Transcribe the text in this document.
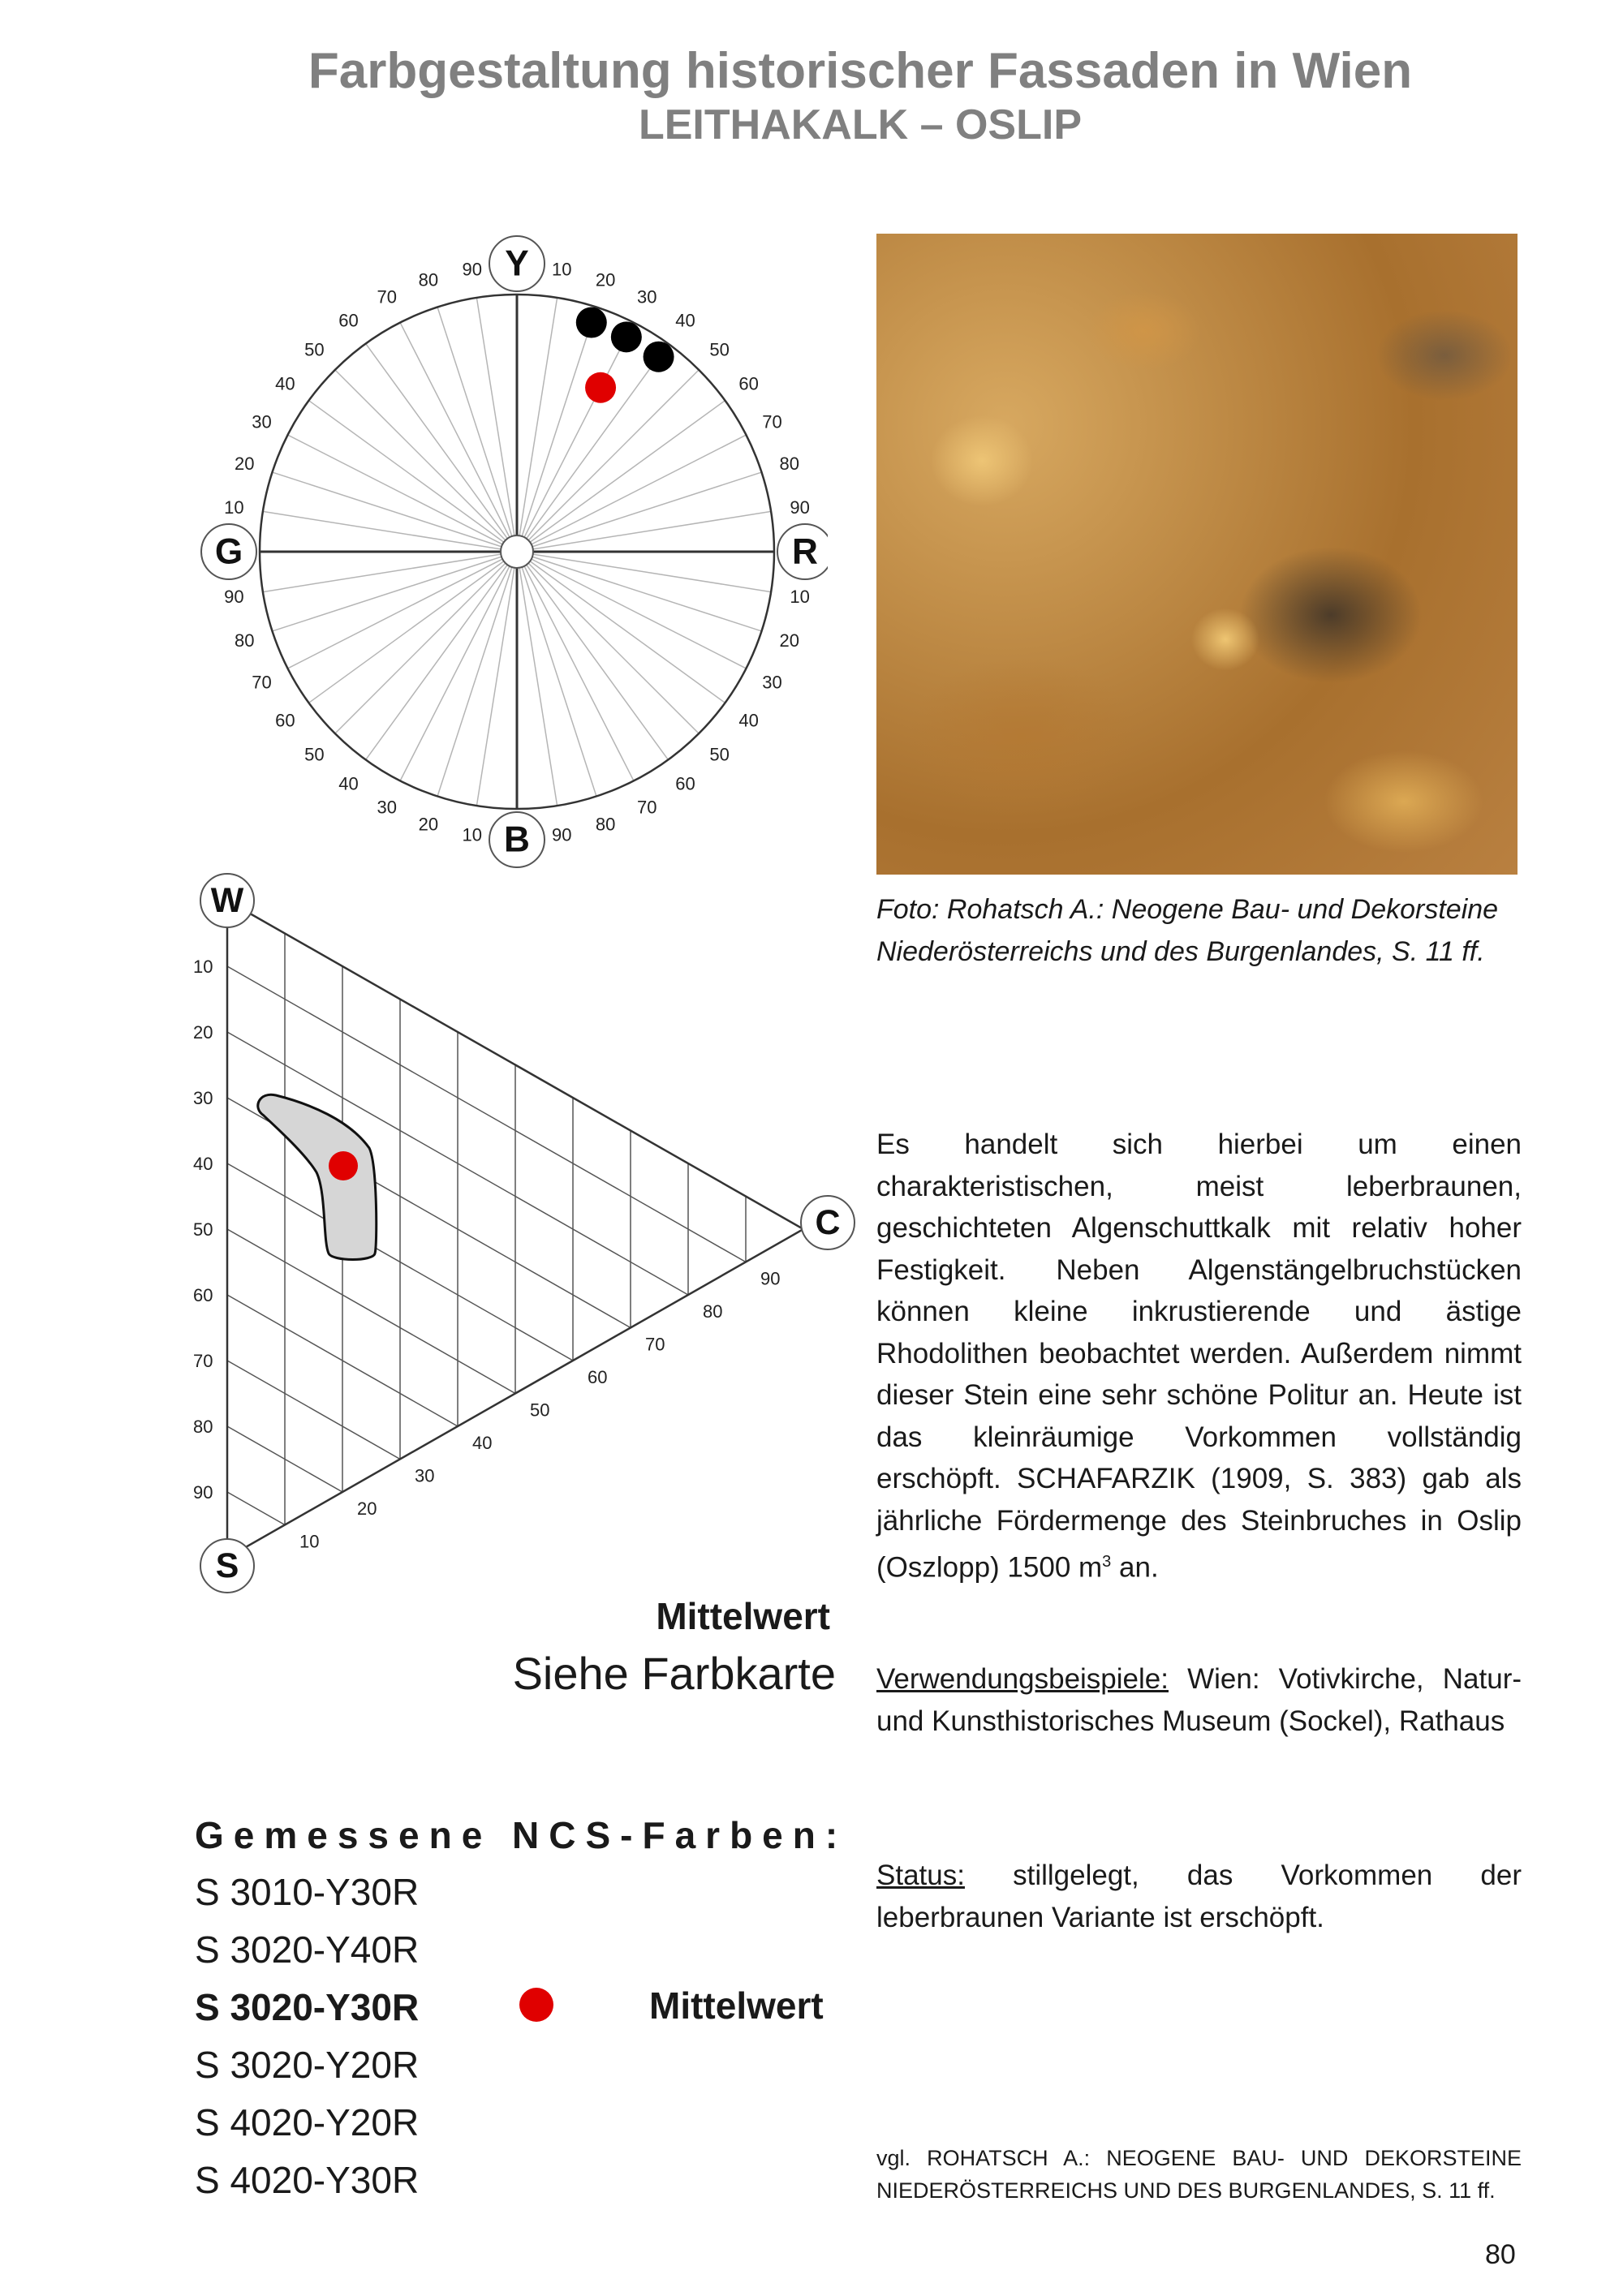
Farbgestaltung historischer Fassaden in Wien
LEITHAKALK – OSLIP
10
20
30
40
50
60
70
80
90
10
20
30
40
50
60
70
80
90
10
20
30
40
50
60
70
80
90
10
20
30
40
50
60
70
80
90 Y
R
B
G
10
20
30
40
50
60
70
80
90
10
20
30
40
50
60
70
80
90
W
C
S
Foto: Rohatsch A.: Neogene Bau- und Dekorsteine Niederösterreichs und des Burgenlandes, S. 11 ff.
Es handelt sich hierbei um einen charakteristischen, meist leberbraunen, geschichteten Algenschuttkalk mit relativ hoher Festigkeit. Neben Algenstängelbruchstücken können kleine inkrustierende und ästige Rhodolithen beobachtet werden. Außerdem nimmt dieser Stein eine sehr schöne Politur an. Heute ist das kleinräumige Vorkommen vollständig erschöpft. SCHAFARZIK (1909, S. 383) gab als jährliche Fördermenge des Steinbruches in Oslip (Oszlopp) 1500 $m^3$ an.
Verwendungsbeispiele: Wien: Votivkirche, Natur- und Kunsthistorisches Museum (Sockel), Rathaus
Status: stillgelegt, das Vorkommen der leberbraunen Variante ist erschöpft.
vgl. ROHATSCH A.: NEOGENE BAU- UND DEKORSTEINE NIEDERÖSTERREICHS UND DES BURGENLANDES, S. 11 ff.
80
Mittelwert
Siehe Farbkarte
Gemessene NCS-Farben:
S 3010-Y30R
S 3020-Y40R
S 3020-Y30R
S 3020-Y20R
S 4020-Y20R
S 4020-Y30R
Mittelwert
